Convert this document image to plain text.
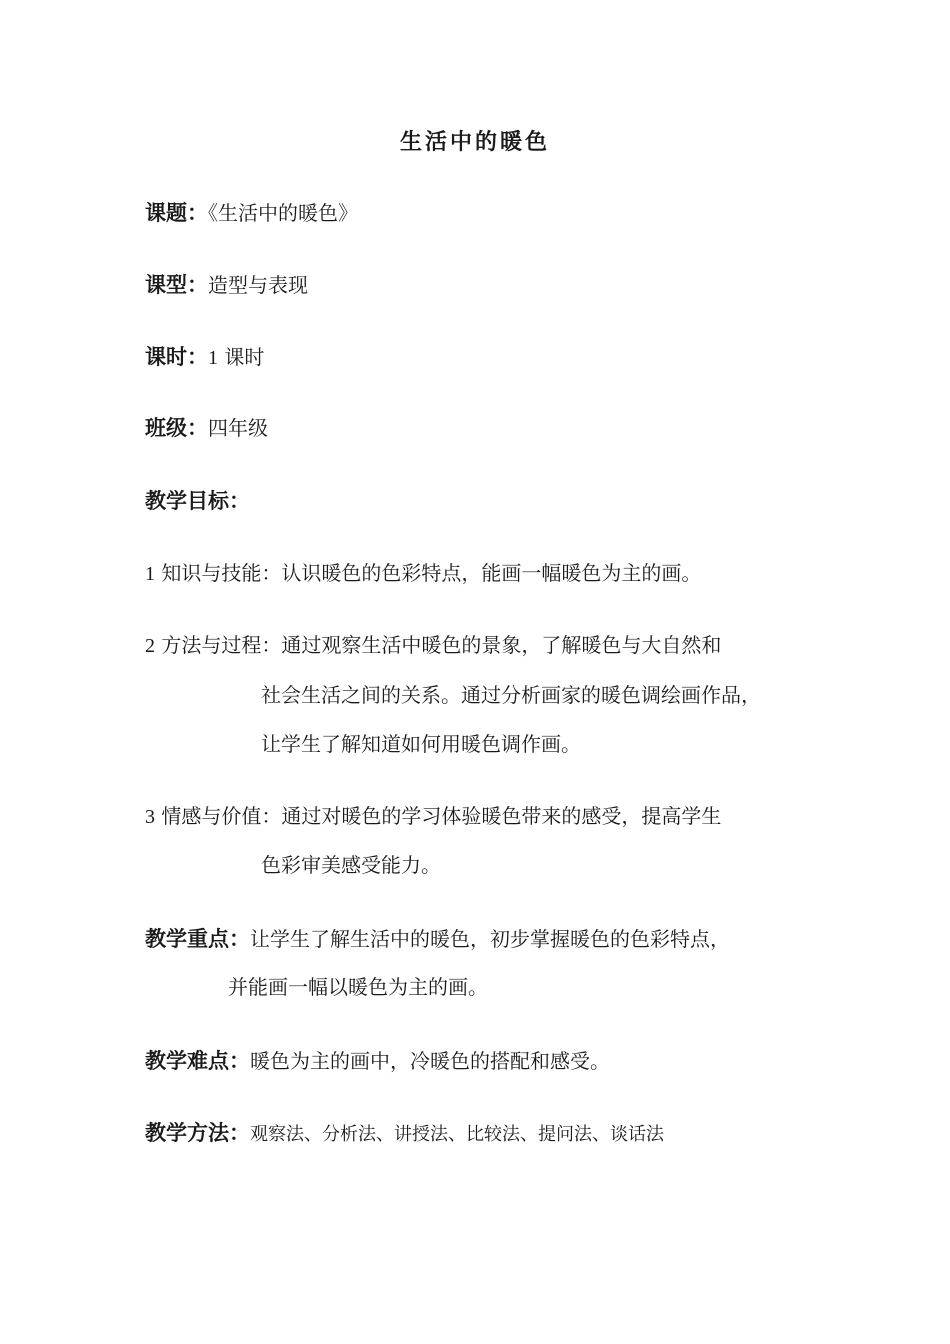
生活中的暖色
课题：《生活中的暖色》
课型：造型与表现
课时：1 课时
班级：四年级
教学目标：
1 知识与技能：认识暖色的色彩特点，能画一幅暖色为主的画。
2 方法与过程：通过观察生活中暖色的景象，了解暖色与大自然和
社会生活之间的关系。通过分析画家的暖色调绘画作品，
让学生了解知道如何用暖色调作画。
3 情感与价值：通过对暖色的学习体验暖色带来的感受，提高学生
色彩审美感受能力。
教学重点：让学生了解生活中的暖色，初步掌握暖色的色彩特点，
并能画一幅以暖色为主的画。
教学难点：暖色为主的画中，冷暖色的搭配和感受。
教学方法：观察法、分析法、讲授法、比较法、提问法、谈话法
